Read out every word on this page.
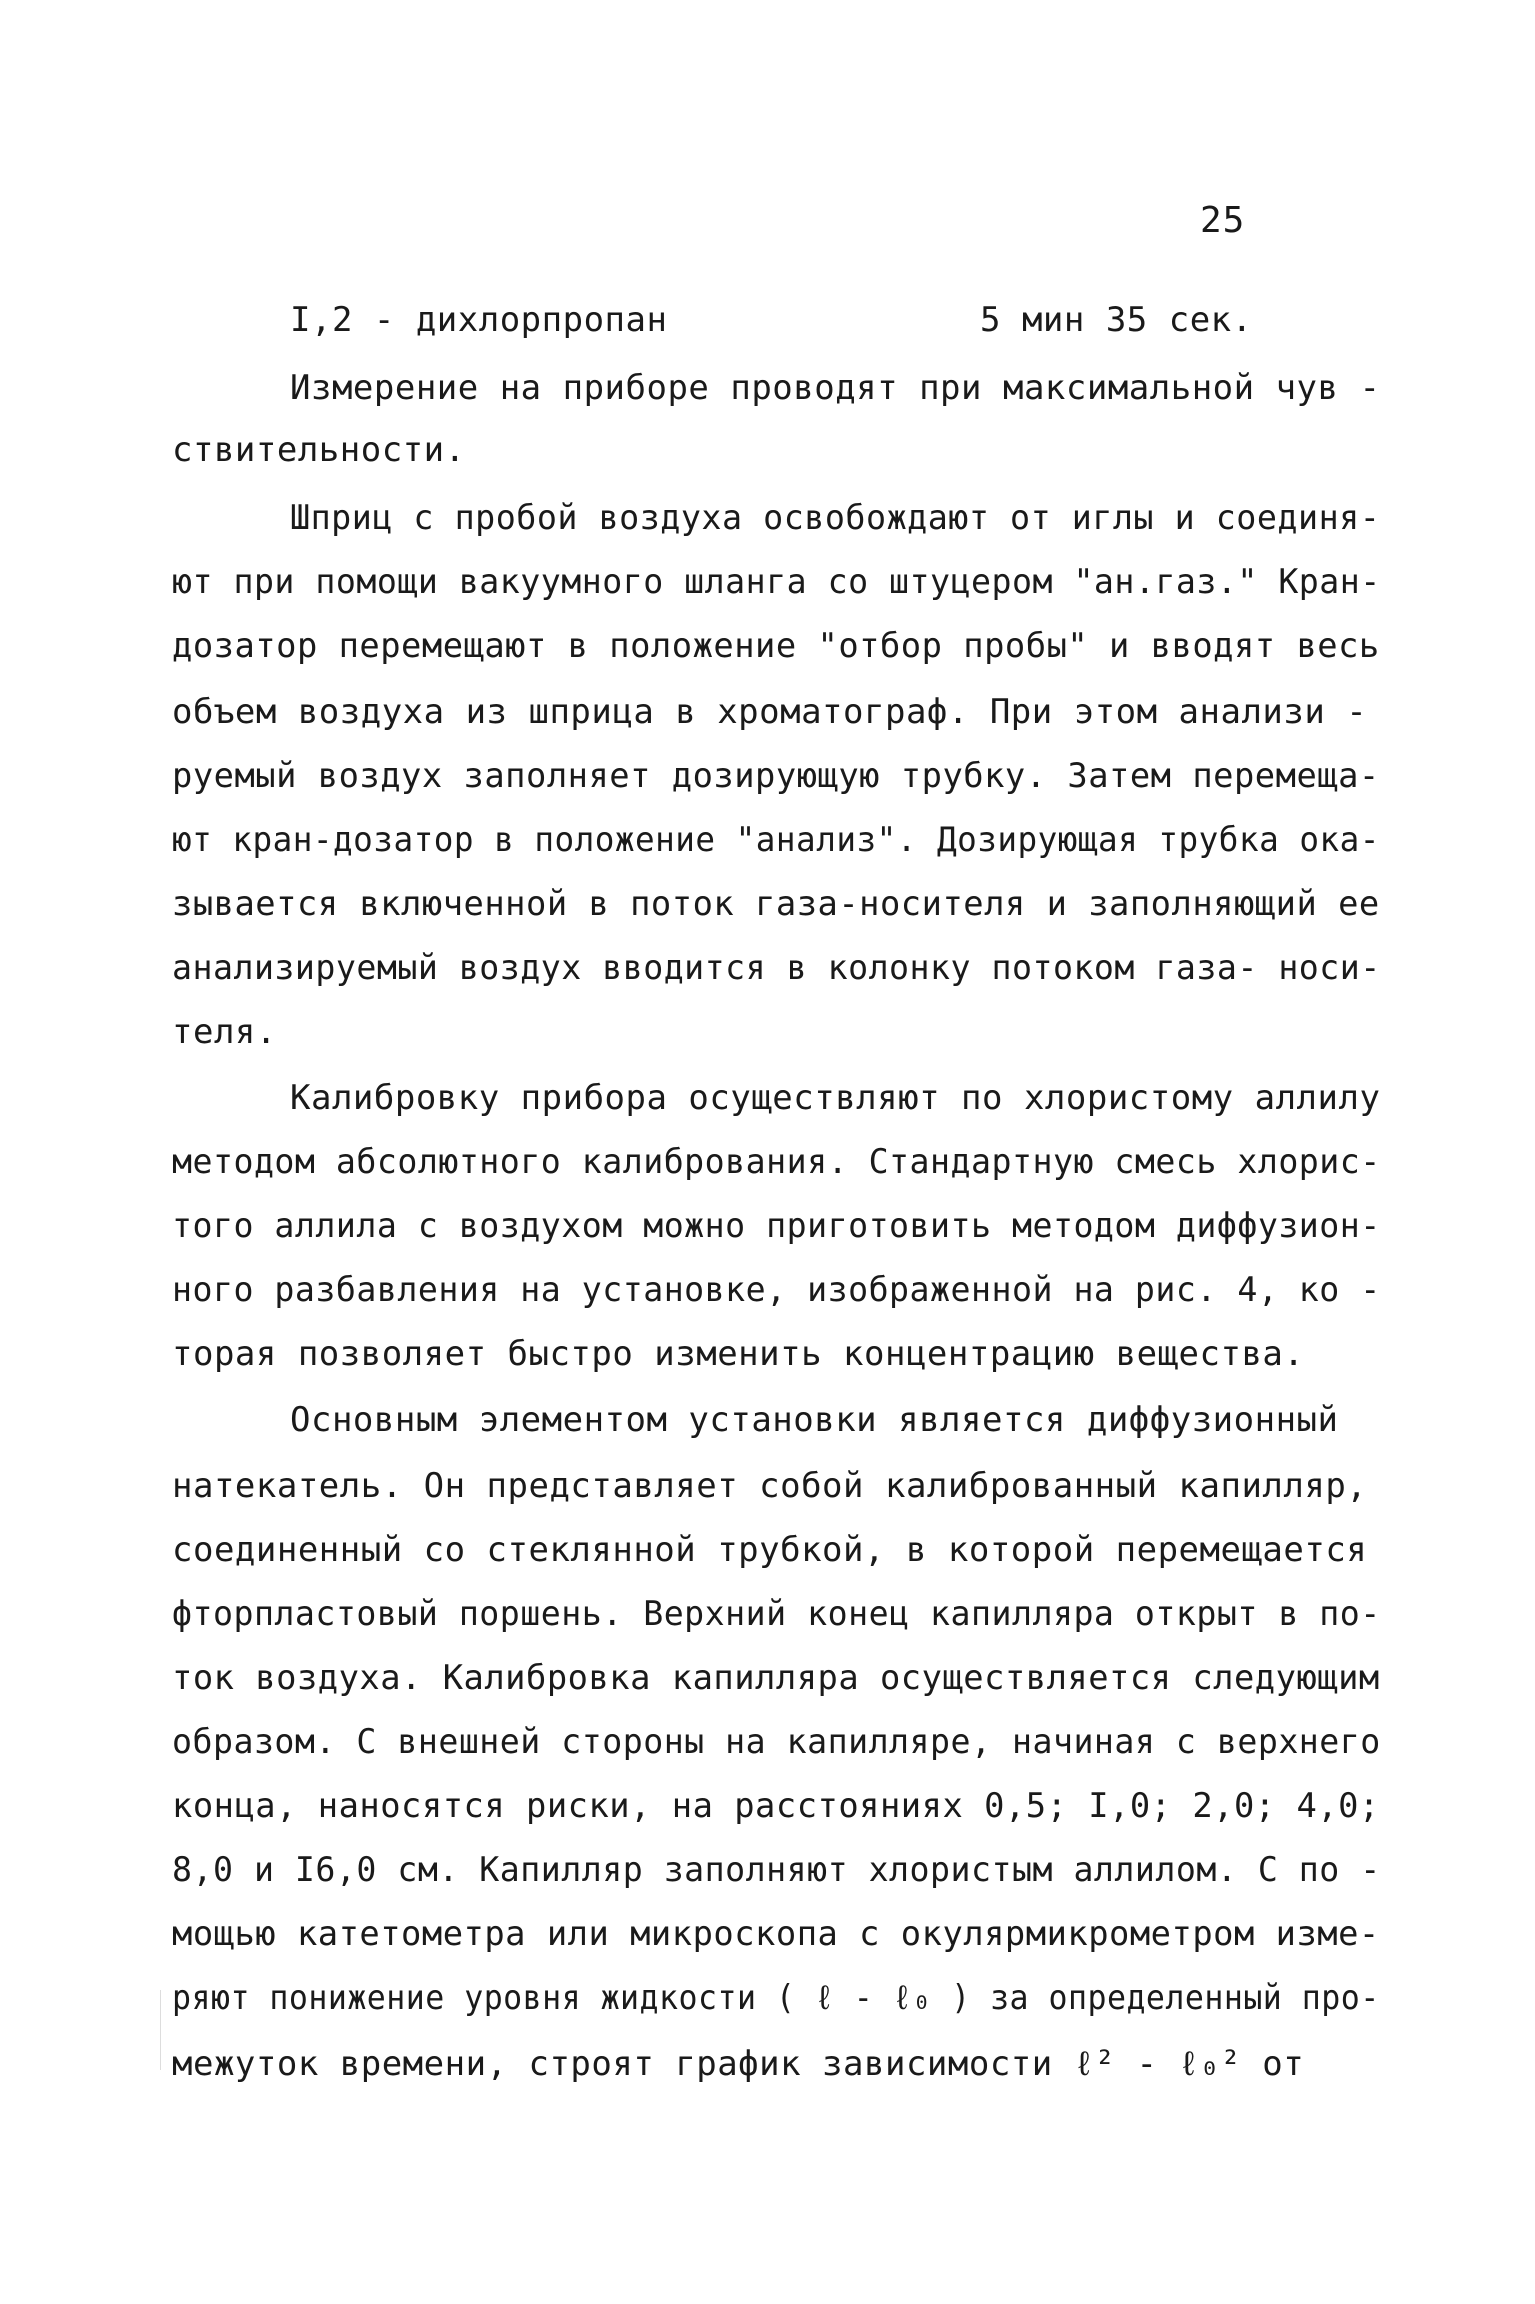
25
I,2 - дихлорпропан	5 мин 35 сек.
Измерение на приборе проводят при максимальной чув -
ствительности.
Шприц с пробой воздуха освобождают от иглы и соединя-
ют при помощи вакуумного шланга со штуцером "ан.газ." Кран-
дозатор перемещают в положение "отбор пробы" и вводят весь
объем воздуха из шприца в хроматограф. При этом анализи -
руемый воздух заполняет дозирующую трубку. Затем перемеща-
ют кран-дозатор в положение "анализ". Дозирующая трубка ока-
зывается включенной в поток газа-носителя и заполняющий ее
анализируемый воздух вводится в колонку потоком газа- носи-
теля.
Калибровку прибора осуществляют по хлористому аллилу
методом абсолютного калибрования. Стандартную смесь хлорис-
того аллила с воздухом можно приготовить методом диффузион-
ного разбавления на установке, изображенной на рис. 4, ко -
торая позволяет быстро изменить концентрацию вещества.
Основным элементом установки является диффузионный
натекатель. Он представляет собой калиброванный капилляр,
соединенный со стеклянной трубкой, в которой перемещается
фторпластовый поршень. Верхний конец капилляра открыт в по-
ток воздуха. Калибровка капилляра осуществляется следующим
образом. С внешней стороны на капилляре, начиная с верхнего
конца, наносятся риски, на расстояниях 0,5; I,0; 2,0; 4,0;
8,0 и I6,0 см. Капилляр заполняют хлористым аллилом. С по -
мощью катетометра или микроскопа с окулярмикрометром изме-
ряют понижение уровня жидкости ( ℓ - ℓ₀ ) за определенный про-
межуток времени, строят график зависимости ℓ² - ℓ₀² от
